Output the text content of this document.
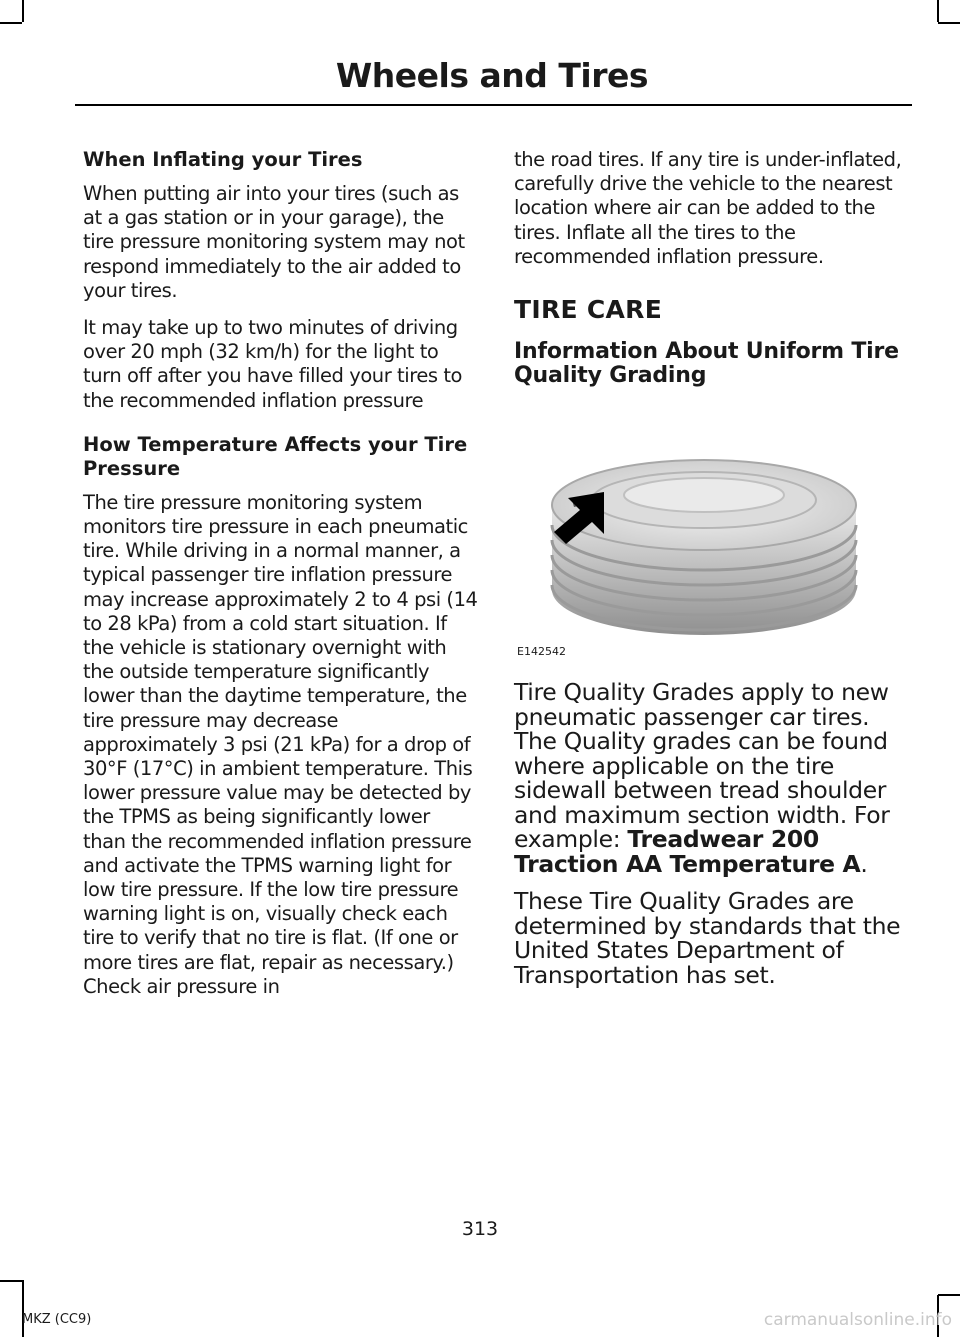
Wheels and Tires
When Inflating your Tires

When putting air into your tires (such as at a gas station or in your garage), the tire pressure monitoring system may not respond immediately to the air added to your tires.

It may take up to two minutes of driving over 20 mph (32 km/h) for the light to turn off after you have filled your tires to the recommended inflation pressure

How Temperature Affects your Tire Pressure

The tire pressure monitoring system monitors tire pressure in each pneumatic tire. While driving in a normal manner, a typical passenger tire inflation pressure may increase approximately 2 to 4 psi (14 to 28 kPa) from a cold start situation. If the vehicle is stationary overnight with the outside temperature significantly lower than the daytime temperature, the tire pressure may decrease approximately 3 psi (21 kPa) for a drop of 30°F (17°C) in ambient temperature. This lower pressure value may be detected by the TPMS as being significantly lower than the recommended inflation pressure and activate the TPMS warning light for low tire pressure. If the low tire pressure warning light is on, visually check each tire to verify that no tire is flat. (If one or more tires are flat, repair as necessary.) Check air pressure in

the road tires. If any tire is under-inflated, carefully drive the vehicle to the nearest location where air can be added to the tires. Inflate all the tires to the recommended inflation pressure.

TIRE CARE
Information About Uniform Tire Quality Grading
E142542

Tire Quality Grades apply to new pneumatic passenger car tires. The Quality grades can be found where applicable on the tire sidewall between tread shoulder and maximum section width. For example: Treadwear 200 Traction AA Temperature A.

These Tire Quality Grades are determined by standards that the United States Department of Transportation has set.

313
MKZ (CC9)	carmanualsonline.info
